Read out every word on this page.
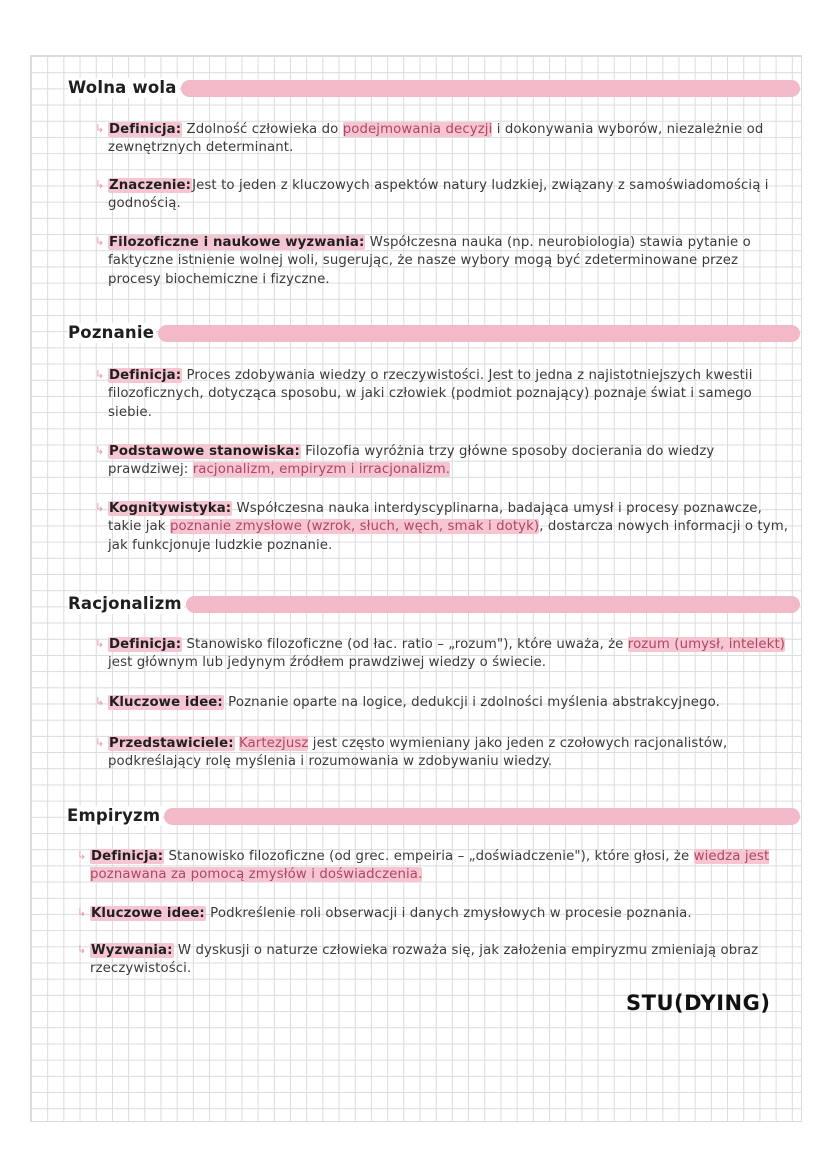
Wolna wola
↳ Definicja: Zdolność człowieka do podejmowania decyzji i dokonywania wyborów, niezależnie od zewnętrznych determinant.
↳ Znaczenie:Jest to jeden z kluczowych aspektów natury ludzkiej, związany z samoświadomością i godnością.
↳ Filozoficzne i naukowe wyzwania: Współczesna nauka (np. neurobiologia) stawia pytanie o faktyczne istnienie wolnej woli, sugerując, że nasze wybory mogą być zdeterminowane przez procesy biochemiczne i fizyczne.
Poznanie
↳ Definicja: Proces zdobywania wiedzy o rzeczywistości. Jest to jedna z najistotniejszych kwestii filozoficznych, dotycząca sposobu, w jaki człowiek (podmiot poznający) poznaje świat i samego siebie.
↳ Podstawowe stanowiska: Filozofia wyróżnia trzy główne sposoby docierania do wiedzy prawdziwej: racjonalizm, empiryzm i irracjonalizm.
↳ Kognitywistyka: Współczesna nauka interdyscyplinarna, badająca umysł i procesy poznawcze, takie jak poznanie zmysłowe (wzrok, słuch, węch, smak i dotyk), dostarcza nowych informacji o tym, jak funkcjonuje ludzkie poznanie.
Racjonalizm
↳ Definicja: Stanowisko filozoficzne (od łac. ratio – „rozum"), które uważa, że rozum (umysł, intelekt) jest głównym lub jedynym źródłem prawdziwej wiedzy o świecie.
↳ Kluczowe idee: Poznanie oparte na logice, dedukcji i zdolności myślenia abstrakcyjnego.
↳ Przedstawiciele: Kartezjusz jest często wymieniany jako jeden z czołowych racjonalistów, podkreślający rolę myślenia i rozumowania w zdobywaniu wiedzy.
Empiryzm
↳ Definicja: Stanowisko filozoficzne (od grec. empeiria – „doświadczenie"), które głosi, że wiedza jest poznawana za pomocą zmysłów i doświadczenia.
↳ Kluczowe idee: Podkreślenie roli obserwacji i danych zmysłowych w procesie poznania.
↳ Wyzwania: W dyskusji o naturze człowieka rozważa się, jak założenia empiryzmu zmieniają obraz rzeczywistości.
STU(DYING)
